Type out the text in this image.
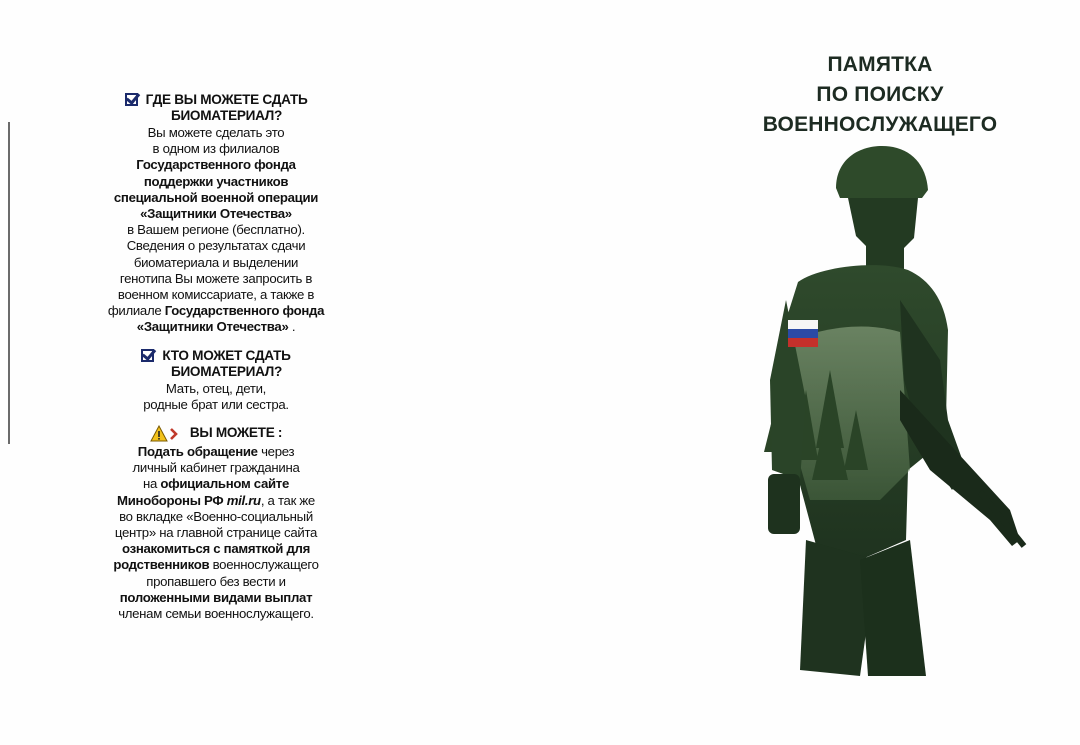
ГДЕ ВЫ МОЖЕТЕ СДАТЬ
БИОМАТЕРИАЛ?
Вы можете сделать это
в одном из филиалов
Государственного фонда
поддержки участников
специальной военной операции
«Защитники Отечества»
в Вашем регионе (бесплатно).
Сведения о результатах сдачи
биоматериала и выделении
генотипа Вы можете запросить в
военном комиссариате, а также в
филиале Государственного фонда
«Защитники Отечества» .
КТО МОЖЕТ СДАТЬ
БИОМАТЕРИАЛ?
Мать, отец, дети,
родные брат или сестра.
ВЫ МОЖЕТЕ :
Подать обращение через
личный кабинет гражданина
на официальном сайте
Минобороны РФ mil.ru, а так же
во вкладке «Военно-социальный
центр» на главной странице сайта
ознакомиться с памяткой для
родственников военнослужащего
пропавшего без вести и
положенными видами выплат
членам семьи военнослужащего.
ПАМЯТКА
ПО ПОИСКУ
ВОЕННОСЛУЖАЩЕГО
